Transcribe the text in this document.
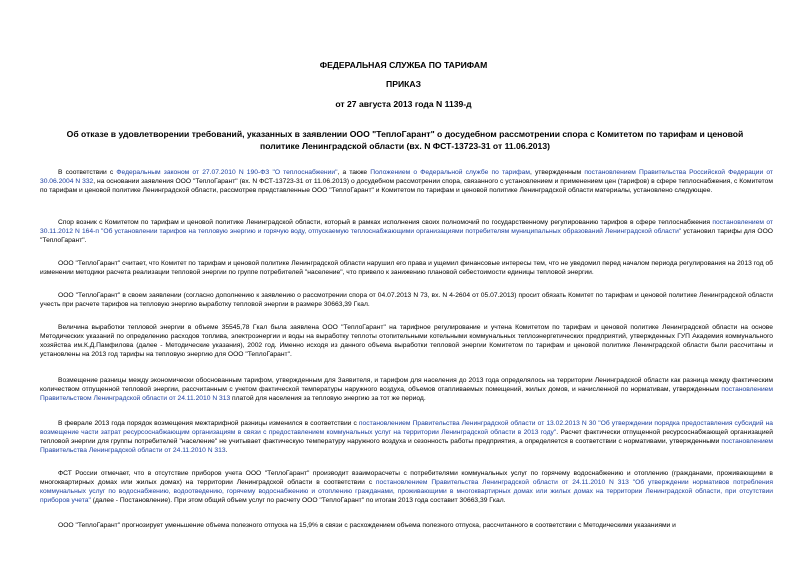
ФЕДЕРАЛЬНАЯ СЛУЖБА ПО ТАРИФАМ
ПРИКАЗ
от 27 августа 2013 года N 1139-д
Об отказе в удовлетворении требований, указанных в заявлении ООО "ТеплоГарант" о досудебном рассмотрении спора с Комитетом по тарифам и ценовой политике Ленинградской области (вх. N ФСТ-13723-31 от 11.06.2013)

В соответствии с Федеральным законом от 27.07.2010 N 190-ФЗ "О теплоснабжении", а также Положением о Федеральной службе по тарифам, утвержденным постановлением Правительства Российской Федерации от 30.06.2004 N 332, на основании заявления ООО "ТеплоГарант" (вх. N ФСТ-13723-31 от 11.06.2013) о досудебном рассмотрении спора, связанного с установлением и применением цен (тарифов) в сфере теплоснабжения, с Комитетом по тарифам и ценовой политике Ленинградской области, рассмотрев представленные ООО "ТеплоГарант" и Комитетом по тарифам и ценовой политике Ленинградской области материалы, установлено следующее.

Спор возник с Комитетом по тарифам и ценовой политике Ленинградской области, который в рамках исполнения своих полномочий по государственному регулированию тарифов в сфере теплоснабжения постановлением от 30.11.2012 N 164-п "Об установлении тарифов на тепловую энергию и горячую воду, отпускаемую теплоснабжающими организациями потребителям муниципальных образований Ленинградской области" установил тарифы для ООО "ТеплоГарант".

ООО "ТеплоГарант" считает, что Комитет по тарифам и ценовой политике Ленинградской области нарушил его права и ущемил финансовые интересы тем, что не уведомил перед началом периода регулирования на 2013 год об изменении методики расчета реализации тепловой энергии по группе потребителей "население", что привело к занижению плановой себестоимости единицы тепловой энергии.

ООО "ТеплоГарант" в своем заявлении (согласно дополнению к заявлению о рассмотрении спора от 04.07.2013 N 73, вх. N 4-2604 от 05.07.2013) просит обязать Комитет по тарифам и ценовой политике Ленинградской области учесть при расчете тарифов на тепловую энергию выработку тепловой энергии в размере 30663,39 Гкал.

Величина выработки тепловой энергии в объеме 35545,78 Гкал была заявлена ООО "ТеплоГарант" на тарифное регулирование и учтена Комитетом по тарифам и ценовой политике Ленинградской области на основе Методических указаний по определению расходов топлива, электроэнергии и воды на выработку теплоты отопительными котельными коммунальных теплоэнергетических предприятий, утвержденных ГУП Академия коммунального хозяйства им.К.Д.Памфилова (далее - Методические указания), 2002 год. Именно исходя из данного объема выработки тепловой энергии Комитетом по тарифам и ценовой политике Ленинградской области были рассчитаны и установлены на 2013 год тарифы на тепловую энергию для ООО "ТеплоГарант".

Возмещение разницы между экономически обоснованным тарифом, утвержденным для Заявителя, и тарифом для населения до 2013 года определялось на территории Ленинградской области как разница между фактическим количеством отпущенной тепловой энергии, рассчитанным с учетом фактической температуры наружного воздуха, объемов отапливаемых помещений, жилых домов, и начисленной по нормативам, утвержденным постановлением Правительством Ленинградской области от 24.11.2010 N 313 платой для населения за тепловую энергию за тот же период.

В феврале 2013 года порядок возмещения межтарифной разницы изменился в соответствии с постановлением Правительства Ленинградской области от 13.02.2013 N 30 "Об утверждении порядка предоставления субсидий на возмещение части затрат ресурсоснабжающим организациям в связи с предоставлением коммунальных услуг на территории Ленинградской области в 2013 году". Расчет фактически отпущенной ресурсоснабжающей организацией тепловой энергии для группы потребителей "население" не учитывает фактическую температуру наружного воздуха и сезонность работы предприятия, а определяется в соответствии с нормативами, утвержденными постановлением Правительства Ленинградской области от 24.11.2010 N 313.

ФСТ России отмечает, что в отсутствие приборов учета ООО "ТеплоГарант" производит взаиморасчеты с потребителями коммунальных услуг по горячему водоснабжению и отоплению (гражданами, проживающими в многоквартирных домах или жилых домах) на территории Ленинградской области в соответствии с постановлением Правительства Ленинградской области от 24.11.2010 N 313 "Об утверждении нормативов потребления коммунальных услуг по водоснабжению, водоотведению, горячему водоснабжению и отоплению гражданами, проживающими в многоквартирных домах или жилых домах на территории Ленинградской области, при отсутствии приборов учета" (далее - Постановление). При этом общий объем услуг по расчету ООО "ТеплоГарант" по итогам 2013 года составит 30663,39 Гкал.

ООО "ТеплоГарант" прогнозирует уменьшение объема полезного отпуска на 15,9% в связи с расхождением объема полезного отпуска, рассчитанного в соответствии с Методическими указаниями и
